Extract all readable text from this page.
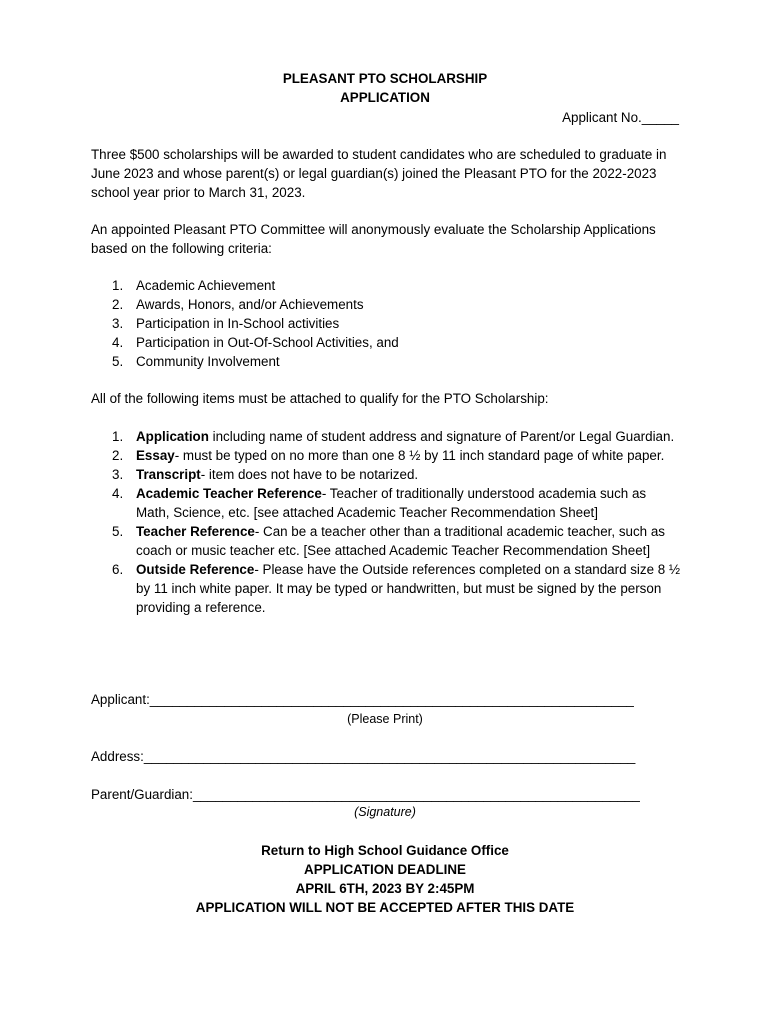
PLEASANT PTO SCHOLARSHIP
APPLICATION
Applicant No._____
Three $500 scholarships will be awarded to student candidates who are scheduled to graduate in June 2023 and whose parent(s) or legal guardian(s) joined the Pleasant PTO for the 2022-2023 school year prior to March 31, 2023.
An appointed Pleasant PTO Committee will anonymously evaluate the Scholarship Applications based on the following criteria:
1. Academic Achievement
2. Awards, Honors, and/or Achievements
3. Participation in In-School activities
4. Participation in Out-Of-School Activities, and
5. Community Involvement
All of the following items must be attached to qualify for the PTO Scholarship:
1. Application including name of student address and signature of Parent/or Legal Guardian.
2. Essay- must be typed on no more than one 8 ½ by 11 inch standard page of white paper.
3. Transcript- item does not have to be notarized.
4. Academic Teacher Reference- Teacher of traditionally understood academia such as Math, Science, etc. [see attached Academic Teacher Recommendation Sheet]
5. Teacher Reference- Can be a teacher other than a traditional academic teacher, such as coach or music teacher etc. [See attached Academic Teacher Recommendation Sheet]
6. Outside Reference- Please have the Outside references completed on a standard size 8 ½ by 11 inch white paper. It may be typed or handwritten, but must be signed by the person providing a reference.
Applicant:_________________________________________________________________
(Please Print)
Address:__________________________________________________________________
Parent/Guardian:____________________________________________________________
(Signature)
Return to High School Guidance Office
APPLICATION DEADLINE
APRIL 6TH, 2023 BY 2:45PM
APPLICATION WILL NOT BE ACCEPTED AFTER THIS DATE
